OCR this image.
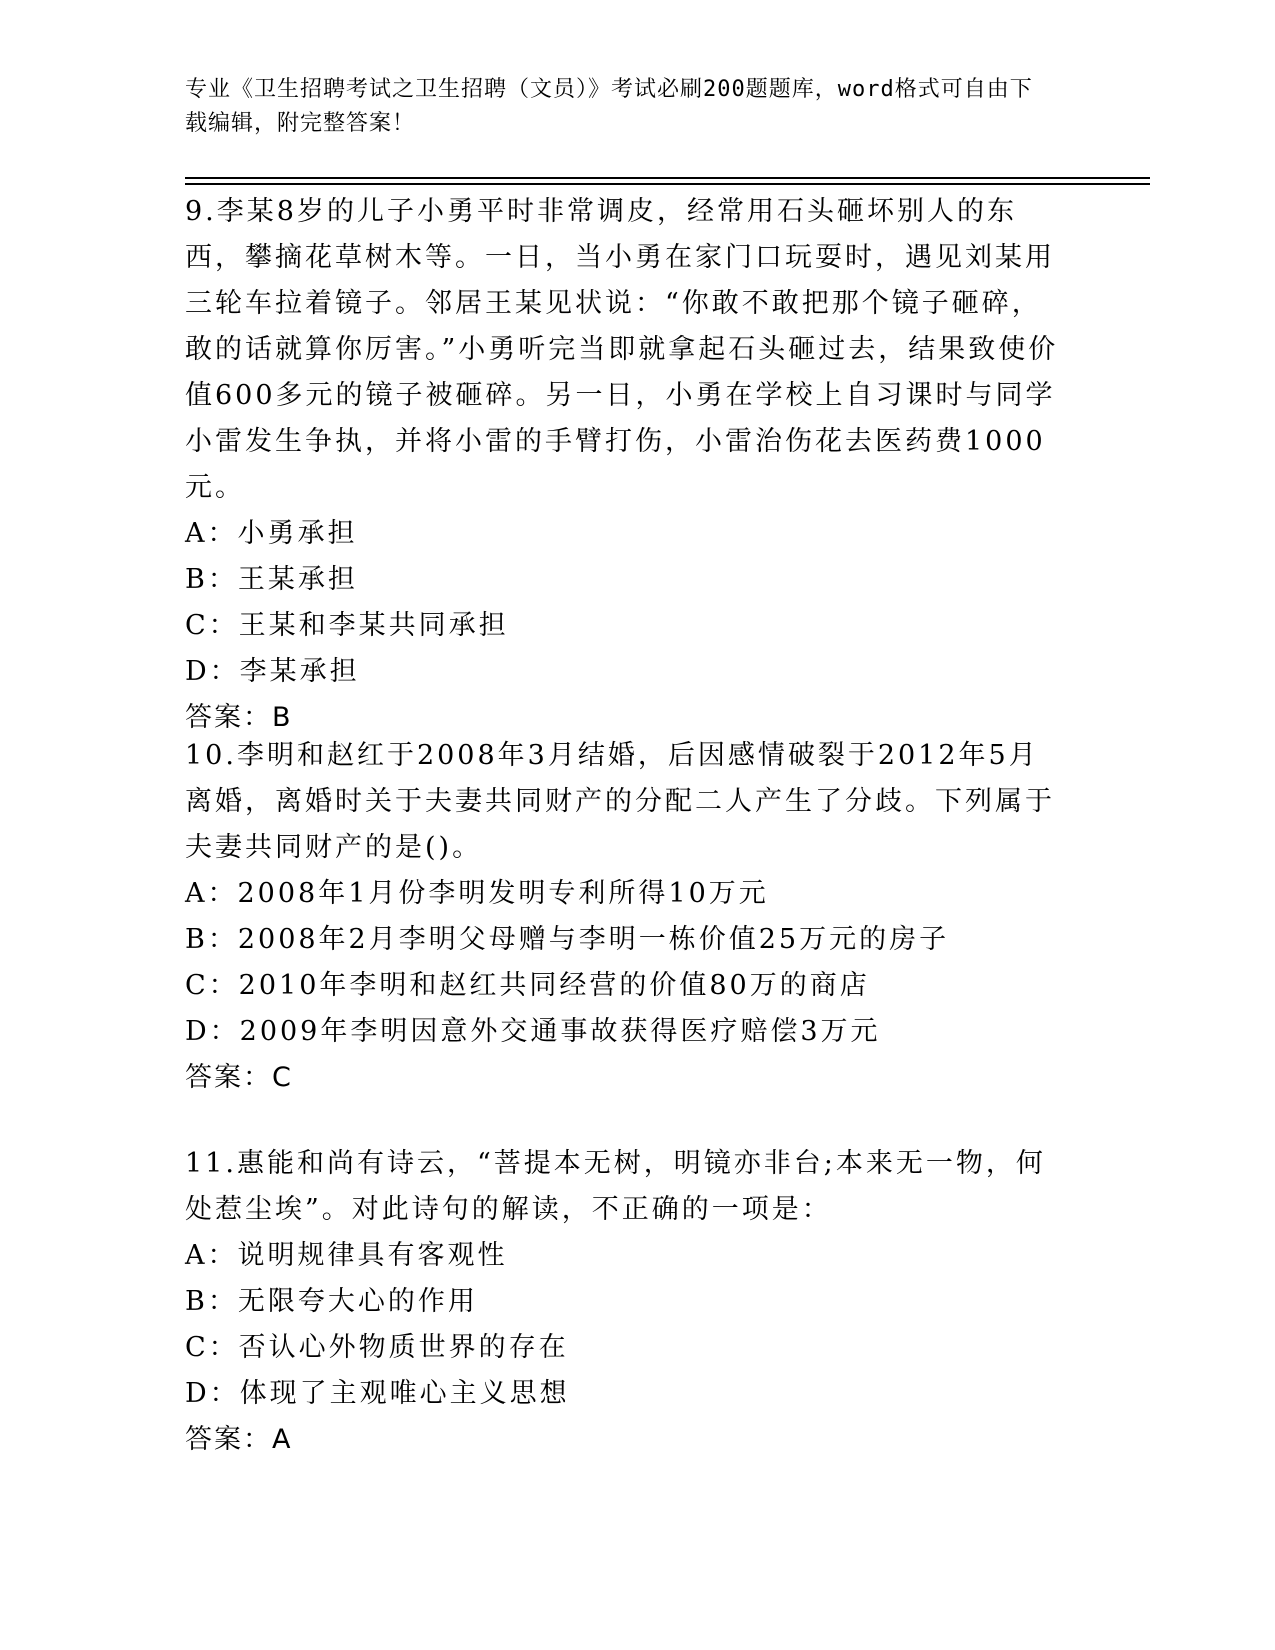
专业《卫生招聘考试之卫生招聘（文员）》考试必刷200题题库，word格式可自由下载编辑，附完整答案！

9.李某8岁的儿子小勇平时非常调皮，经常用石头砸坏别人的东西，攀摘花草树木等。一日，当小勇在家门口玩耍时，遇见刘某用三轮车拉着镜子。邻居王某见状说：“你敢不敢把那个镜子砸碎，敢的话就算你厉害。”小勇听完当即就拿起石头砸过去，结果致使价值600多元的镜子被砸碎。另一日，小勇在学校上自习课时与同学小雷发生争执，并将小雷的手臂打伤，小雷治伤花去医药费1000元。

A：小勇承担

B：王某承担

C：王某和李某共同承担

D：李某承担

答案：B

10.李明和赵红于2008年3月结婚，后因感情破裂于2012年5月离婚，离婚时关于夫妻共同财产的分配二人产生了分歧。下列属于夫妻共同财产的是()。

A：2008年1月份李明发明专利所得10万元

B：2008年2月李明父母赠与李明一栋价值25万元的房子

C：2010年李明和赵红共同经营的价值80万的商店

D：2009年李明因意外交通事故获得医疗赔偿3万元

答案：C

11.惠能和尚有诗云，“菩提本无树，明镜亦非台;本来无一物，何处惹尘埃”。对此诗句的解读，不正确的一项是：

A：说明规律具有客观性

B：无限夸大心的作用

C：否认心外物质世界的存在

D：体现了主观唯心主义思想

答案：A
